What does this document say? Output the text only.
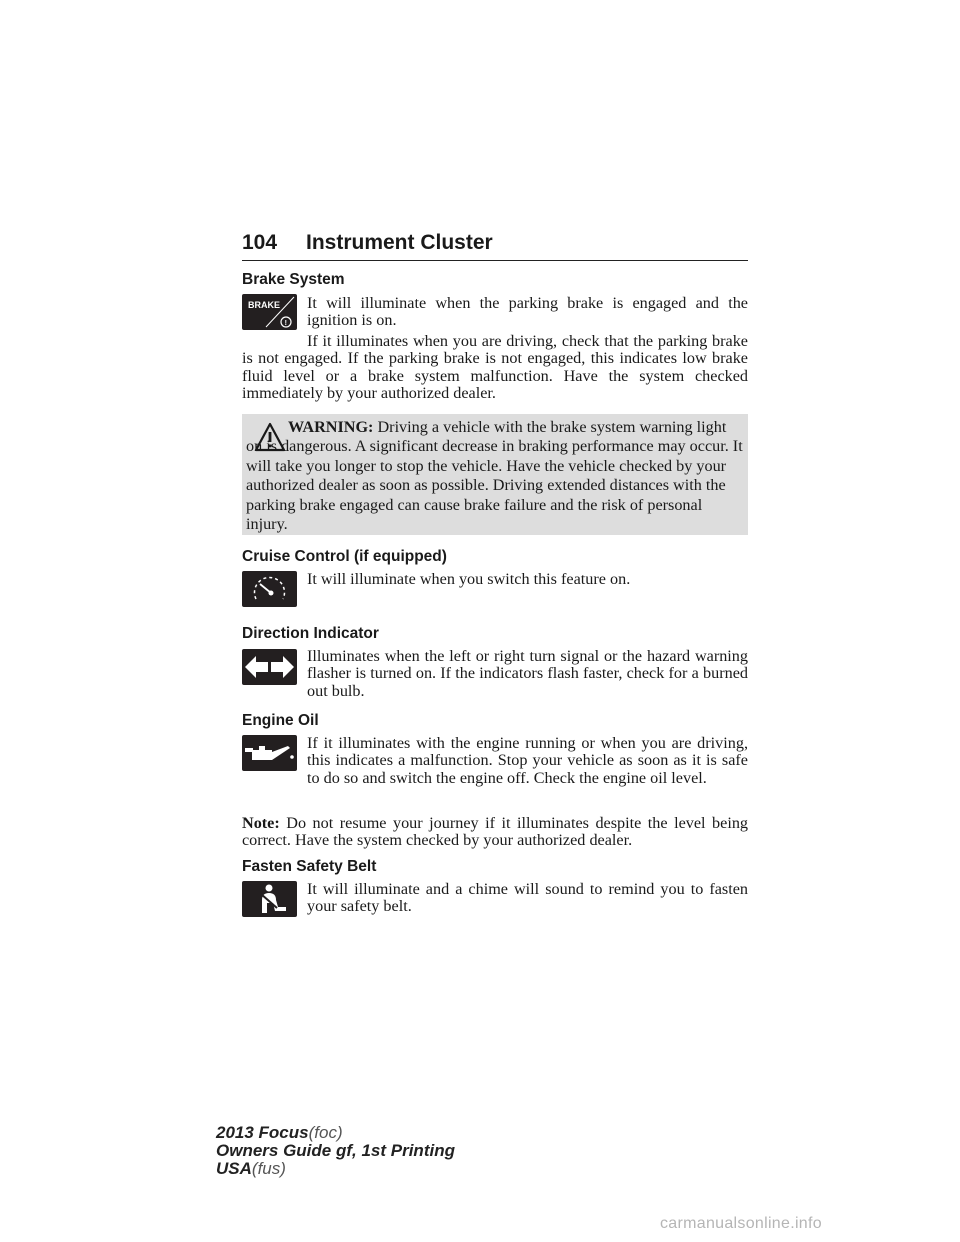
104 Instrument Cluster
Brake System
BRAKE
!
It will illuminate when the parking brake is engaged and the ignition is on.
If it illuminates when you are driving, check that the parking brake is not engaged. If the parking brake is not engaged, this indicates low brake fluid level or a brake system malfunction. Have the system checked immediately by your authorized dealer.
WARNING: Driving a vehicle with the brake system warning light on is dangerous. A significant decrease in braking performance may occur. It will take you longer to stop the vehicle. Have the vehicle checked by your authorized dealer as soon as possible. Driving extended distances with the parking brake engaged can cause brake failure and the risk of personal injury.
Cruise Control (if equipped)
It will illuminate when you switch this feature on.
Direction Indicator
Illuminates when the left or right turn signal or the hazard warning flasher is turned on. If the indicators flash faster, check for a burned out bulb.
Engine Oil
If it illuminates with the engine running or when you are driving, this indicates a malfunction. Stop your vehicle as soon as it is safe to do so and switch the engine off. Check the engine oil level.
Note: Do not resume your journey if it illuminates despite the level being correct. Have the system checked by your authorized dealer.
Fasten Safety Belt
It will illuminate and a chime will sound to remind you to fasten your safety belt.
2013 Focus(foc)
Owners Guide gf, 1st Printing
USA(fus)
carmanualsonline.info
